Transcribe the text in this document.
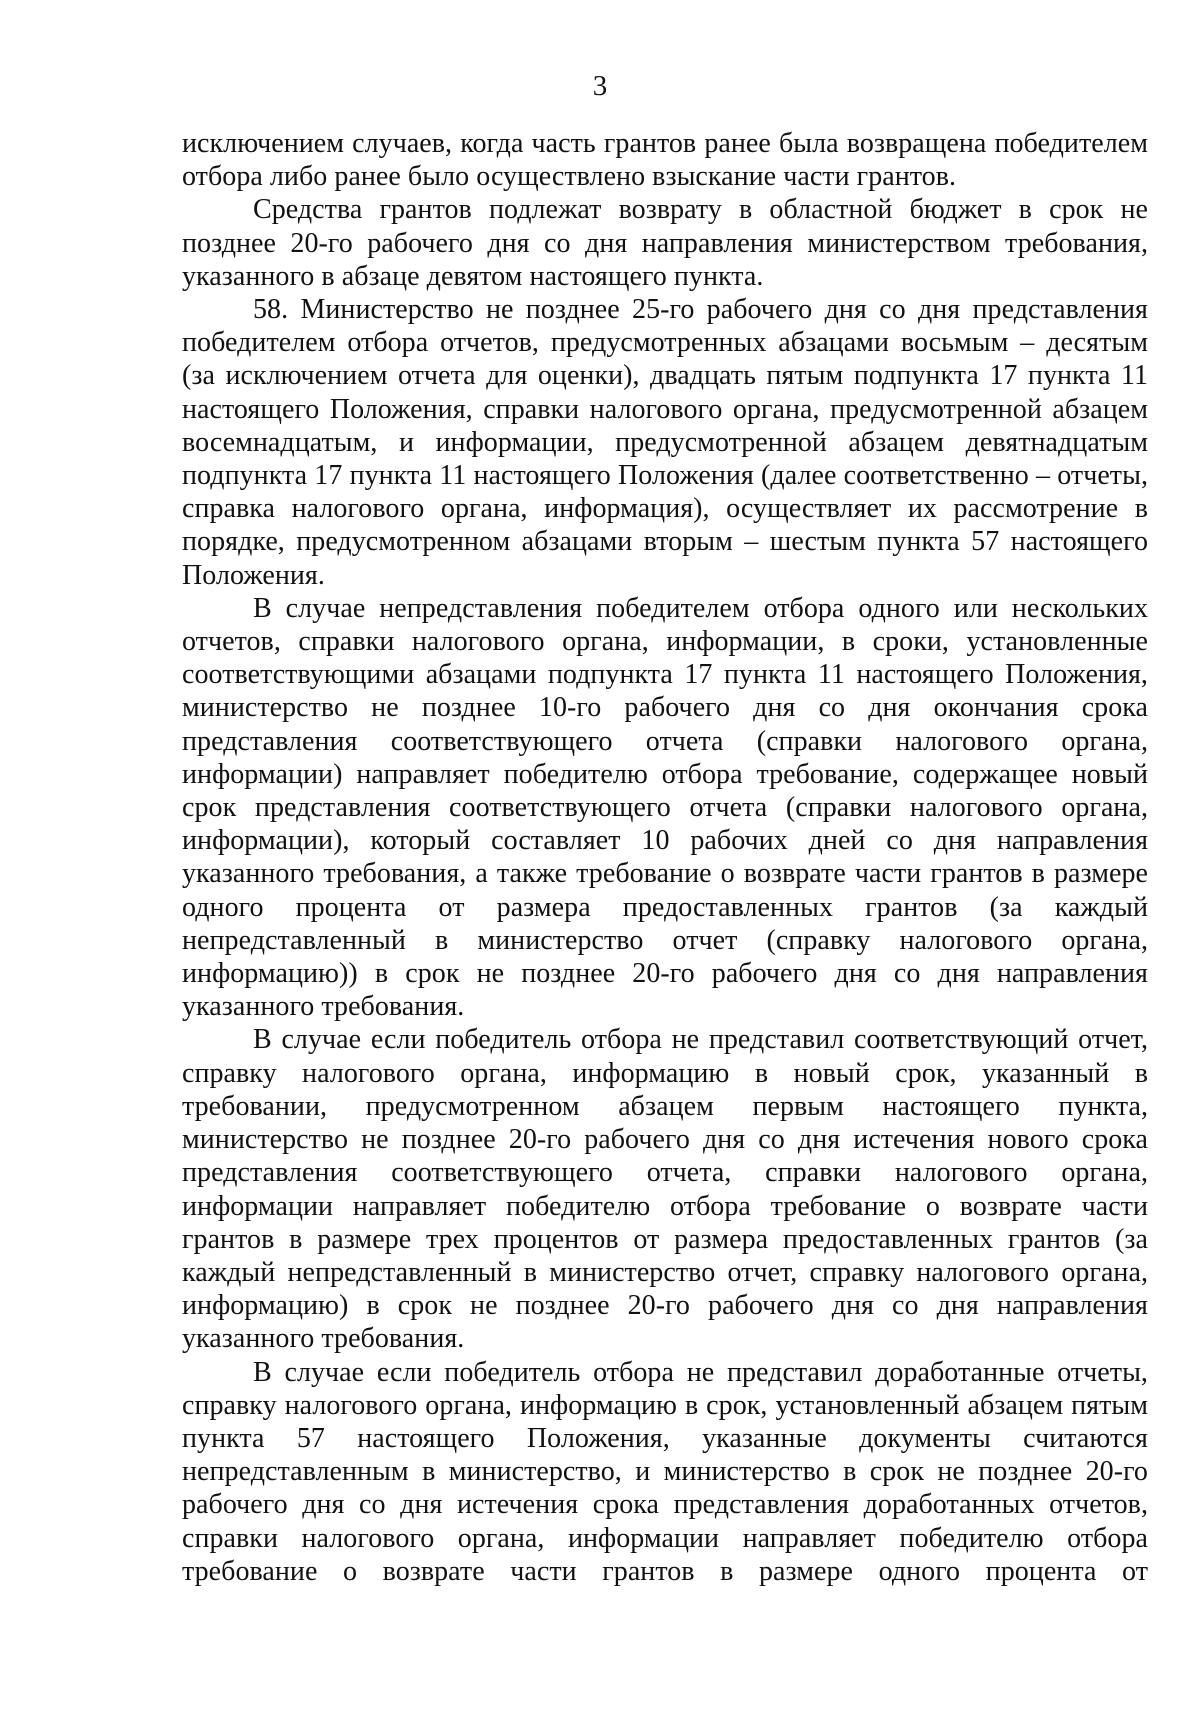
3

исключением случаев, когда часть грантов ранее была возвращена победителем отбора либо ранее было осуществлено взыскание части грантов.

Средства грантов подлежат возврату в областной бюджет в срок не позднее 20-го рабочего дня со дня направления министерством требования, указанного в абзаце девятом настоящего пункта.

58. Министерство не позднее 25-го рабочего дня со дня представления победителем отбора отчетов, предусмотренных абзацами восьмым – десятым (за исключением отчета для оценки), двадцать пятым подпункта 17 пункта 11 настоящего Положения, справки налогового органа, предусмотренной абзацем восемнадцатым, и информации, предусмотренной абзацем девятнадцатым подпункта 17 пункта 11 настоящего Положения (далее соответственно – отчеты, справка налогового органа, информация), осуществляет их рассмотрение в порядке, предусмотренном абзацами вторым – шестым пункта 57 настоящего Положения.

В случае непредставления победителем отбора одного или нескольких отчетов, справки налогового органа, информации, в сроки, установленные соответствующими абзацами подпункта 17 пункта 11 настоящего Положения, министерство не позднее 10-го рабочего дня со дня окончания срока представления соответствующего отчета (справки налогового органа, информации) направляет победителю отбора требование, содержащее новый срок представления соответствующего отчета (справки налогового органа, информации), который составляет 10 рабочих дней со дня направления указанного требования, а также требование о возврате части грантов в размере одного процента от размера предоставленных грантов (за каждый непредставленный в министерство отчет (справку налогового органа, информацию)) в срок не позднее 20-го рабочего дня со дня направления указанного требования.

В случае если победитель отбора не представил соответствующий отчет, справку налогового органа, информацию в новый срок, указанный в требовании, предусмотренном абзацем первым настоящего пункта, министерство не позднее 20-го рабочего дня со дня истечения нового срока представления соответствующего отчета, справки налогового органа, информации направляет победителю отбора требование о возврате части грантов в размере трех процентов от размера предоставленных грантов (за каждый непредставленный в министерство отчет, справку налогового органа, информацию) в срок не позднее 20-го рабочего дня со дня направления указанного требования.

В случае если победитель отбора не представил доработанные отчеты, справку налогового органа, информацию в срок, установленный абзацем пятым пункта 57 настоящего Положения, указанные документы считаются непредставленным в министерство, и министерство в срок не позднее 20-го рабочего дня со дня истечения срока представления доработанных отчетов, справки налогового органа, информации направляет победителю отбора требование о возврате части грантов в размере одного процента от
